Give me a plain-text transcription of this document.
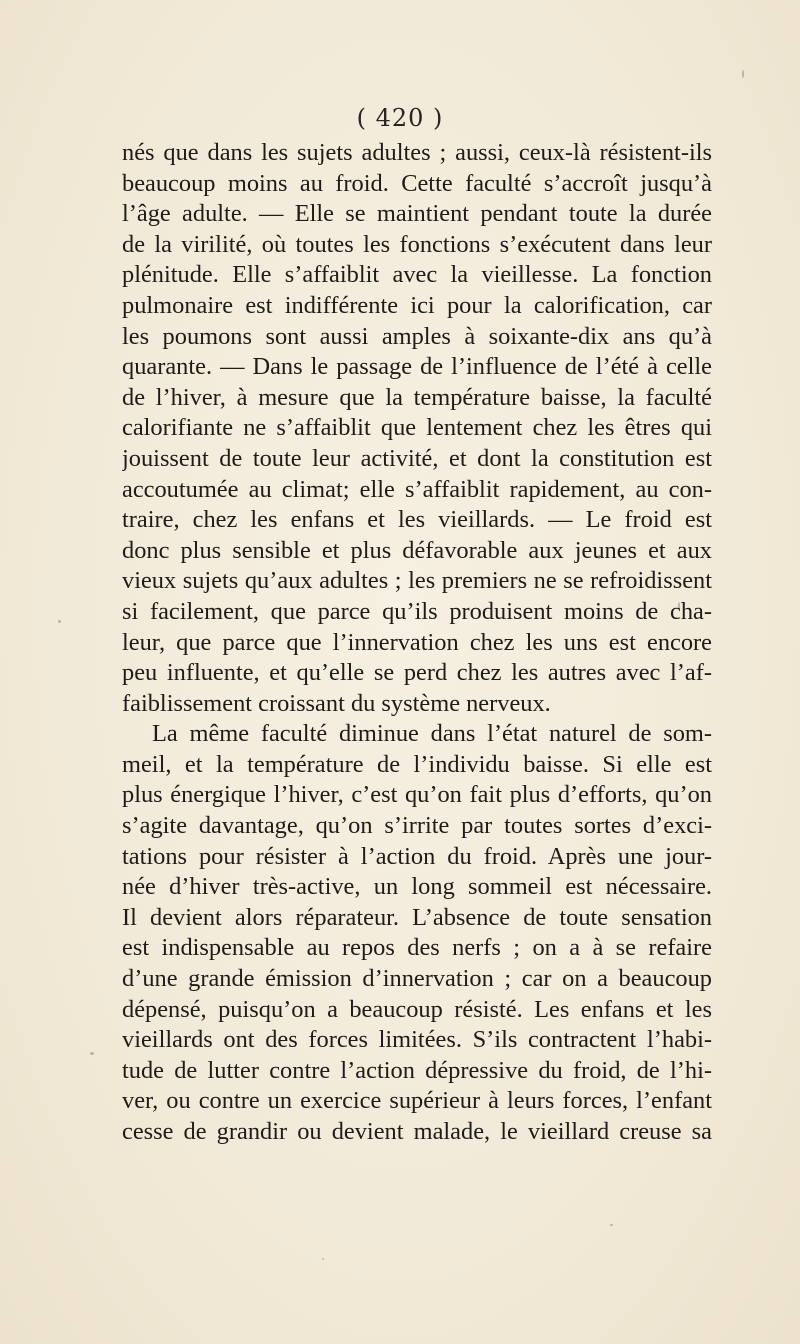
( 420 )
nés que dans les sujets adultes ; aussi, ceux-là résistent-ils
beaucoup moins au froid. Cette faculté s’accroît jusqu’à
l’âge adulte. — Elle se maintient pendant toute la durée
de la virilité, où toutes les fonctions s’exécutent dans leur
plénitude. Elle s’affaiblit avec la vieillesse. La fonction
pulmonaire est indifférente ici pour la calorification, car
les poumons sont aussi amples à soixante-dix ans qu’à
quarante. — Dans le passage de l’influence de l’été à celle
de l’hiver, à mesure que la température baisse, la faculté
calorifiante ne s’affaiblit que lentement chez les êtres qui
jouissent de toute leur activité, et dont la constitution est
accoutumée au climat; elle s’affaiblit rapidement, au con-
traire, chez les enfans et les vieillards. — Le froid est
donc plus sensible et plus défavorable aux jeunes et aux
vieux sujets qu’aux adultes ; les premiers ne se refroidissent
si facilement, que parce qu’ils produisent moins de cha-
leur, que parce que l’innervation chez les uns est encore
peu influente, et qu’elle se perd chez les autres avec l’af-
faiblissement croissant du système nerveux.
La même faculté diminue dans l’état naturel de som-
meil, et la température de l’individu baisse. Si elle est
plus énergique l’hiver, c’est qu’on fait plus d’efforts, qu’on
s’agite davantage, qu’on s’irrite par toutes sortes d’exci-
tations pour résister à l’action du froid. Après une jour-
née d’hiver très-active, un long sommeil est nécessaire.
Il devient alors réparateur. L’absence de toute sensation
est indispensable au repos des nerfs ; on a à se refaire
d’une grande émission d’innervation ; car on a beaucoup
dépensé, puisqu’on a beaucoup résisté. Les enfans et les
vieillards ont des forces limitées. S’ils contractent l’habi-
tude de lutter contre l’action dépressive du froid, de l’hi-
ver, ou contre un exercice supérieur à leurs forces, l’enfant
cesse de grandir ou devient malade, le vieillard creuse sa
